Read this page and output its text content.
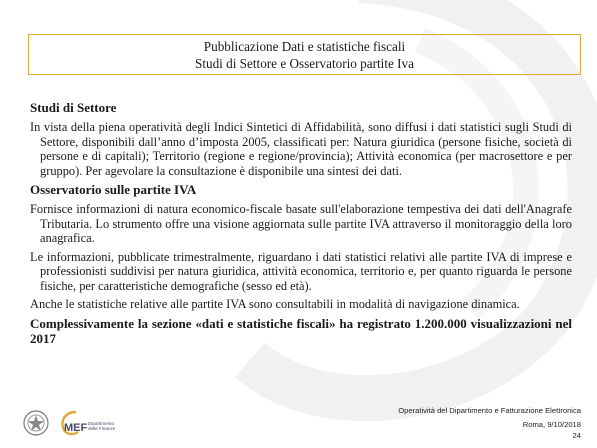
Pubblicazione Dati e statistiche fiscali
Studi di Settore e Osservatorio partite Iva
Studi di Settore
In vista della piena operatività degli Indici Sintetici di Affidabilità, sono diffusi i dati statistici sugli Studi di Settore, disponibili dall’anno d’imposta 2005, classificati per: Natura giuridica (persone fisiche, società di persone e di capitali); Territorio (regione e regione/provincia); Attività economica (per macrosettore e per gruppo). Per agevolare la consultazione è disponibile una sintesi dei dati.
Osservatorio sulle partite IVA
Fornisce informazioni di natura economico-fiscale basate sull'elaborazione tempestiva dei dati dell'Anagrafe Tributaria. Lo strumento offre una visione aggiornata sulle partite IVA attraverso il monitoraggio della loro anagrafica.
Le informazioni, pubblicate trimestralmente, riguardano i dati statistici relativi alle partite IVA di imprese e professionisti suddivisi per natura giuridica, attività economica, territorio e, per quanto riguarda le persone fisiche, per caratteristiche demografiche (sesso ed età).
Anche le statistiche relative alle partite IVA sono consultabili in modalità di navigazione dinamica.
Complessivamente la sezione «dati e statistiche fiscali» ha registrato 1.200.000 visualizzazioni nel 2017
MEF Dipartimento
delle Finanze
Operatività del Dipartimento e Fatturazione Elettronica
Roma, 9/10/2018
24
